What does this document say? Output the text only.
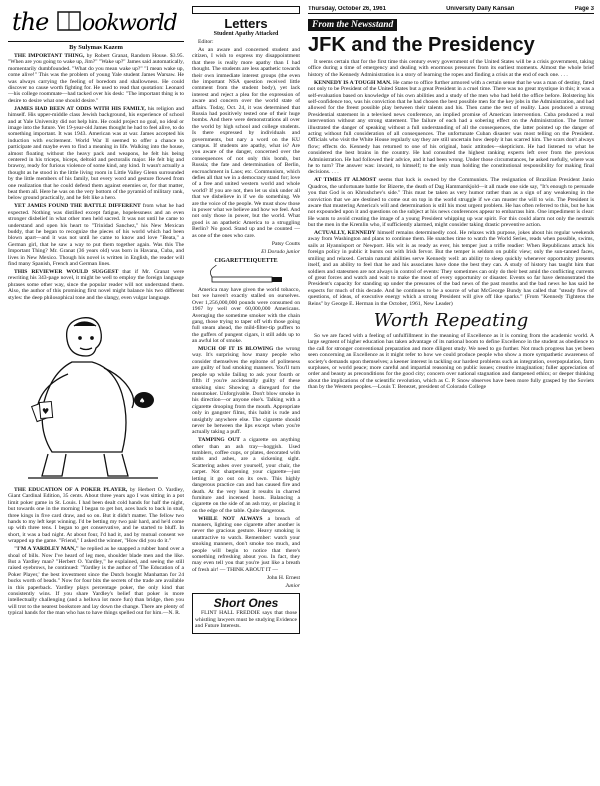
the ook world
By Sulymas Kazem

THE IMPORTANT THING, by Robert Granat, Random House. $3.95. "When are you going to wake up, Jim?" "Wake up?" James said automatically, momentarily dumbfounded. "What do you mean wake up?" "I mean wake up, come alive!" This was the problem of young Yale student James Warsaw. He was always carrying the feeling of boredom and shallowness. He could discover no cause worth fighting for. He used to read that quotation: Leonard—his college roommate—had tacked over his desk: "The important thing is to desire to desire what one should desire."

JAMES HAD BEEN AT ODDS WITH HIS FAMILY, his religion and himself. His upper-middle class Jewish background, his experience of school and at Yale University did not help him. He could project no goal, no ideal or image into the future. Yet 19-year-old James thought he had to feel alive, to do something important. It was 1943. American was at war. James accepted his induction with excitement. World War II seemed to offer a chance to participate and maybe even to find a meaning in life. Walking into the house, almost floating without the heavy pack and weapons, he felt his being centered in his triceps, biceps, deltoid and pectoralis major. He felt big and brawny, ready for furious violence of some kind, any kind. It wasn't actually a thought as he stood in the little living room in Little Valley Glenn surrounded by the little members of his family, but every word and gesture flowed from one realization that he could defend them against enemies or, for that matter, beat them all. Here he was on the very bottom of the pyramid of military rank, below ground practically, and he felt like a hero.

YET JAMES FOUND THE BATTLE DIFFERENT from what he had expected. Nothing was distilled except fatigue, hopelessness and an even stronger disbelief in what other men held sacred. It was not until he came to understand and open his heart to "Trinidad Sanchez," his New Mexican buddy, that he began to recognize the pieces of his world which had been blown apart—and it was not until he came to know and love "Beata," a German girl, that he saw a way to put them together again. Was this The Important Thing? Mr. Granat (36 years old) was born in Havana, Cuba, and lives in New Mexico. Though his novel is written in English, the reader will find many Spanish, French and German lines.

THIS REVIEWER WOULD SUGGEST that if Mr. Granat were rewriting his 343-page novel, it might be well to employ the foreign language phrases some other way, since the popular reader will not understand them. Also, the author of this promising first novel might balance his two different styles: the deep philosophical tone and the slangy, even vulgar language.

♠
♥

THE EDUCATION OF A POKER PLAYER, by Herbert O. Yardley, Giant Cardinal Edition, 35 cents. About three years ago I was sitting in a pot limit poker game in St. Louis. I had been dealt cold hands for half the night, but towards one in the morning I began to get hot, aces back to back in stud, three kings in five card draw, and so on. But it didn't matter. The fellow two hands to my left kept winning. I'd be betting my two pair hard, and he'd come up with three tens. I began to get conservative, and he started to bluff. In short, it was a bad night. At about four, I'd had it, and by mutual consent we wrapped up the game. "Friend," I asked the winner, "How did you do it."

"I'M A YARDLEY MAN," he replied as he snapped a rubber band over a shoal of bills. Now I've heard of leg men, shoulder blade men and the like. But a Yardley man? "Herbert O. Yardley," he explained, and seeing the still raised eyebrows, he continued: "Yardley is the author of 'The Education of a Poker Player,' the best investment since the Dutch bought Manhattan for 24 bucks worth of beads." Now for four bits the secrets of the trade are available in this paperback. Yardley plays percentage poker, the only kind that consistently wins. If you share Yardley's belief that poker is more intellectually challenging (and a helluva lot more fun) than bridge, then you will trot to the nearest bookstore and lay down the change. There are plenty of typical hands for the man who has to have things spelled out for him.—N. R.

Letters
Student Apathy Attacked

Editor:

As an aware and concerned student and citizen, I wish to express my disappointment that there is really more apathy than I had thought. The students are less apathetic towards their own immediate interest groups (the even the important NSA question received little comment from the student body), yet lack interest and reject a plea for the expression of aware and concern over the world state of affairs. Today, Oct. 24, it was determined that Russia had positively tested one of their huge bombs. And there were demonstrations all over the world by high school and college students. Is there expressed by individuals and governments, but nary a word on the KU campus. If students are apathy, what is? Are you aware of the danger, concerned over the consequences of not only this bomb, but Russia; the fate and determination of Berlin, encroachment in Laos; etc. Communism, which defies all that we in a democracy stand for; love of a free and united western world and whole world? If you are not, then let us sink under all that we disbelieve in if we do something. We are the voice of the people. We must show those in power what we believe and how we feel. And not only those in power, but the world. What good is an apathetic America to a struggling Berlin? No good. Stand up and be counted — as one of the ones who care.

Patsy Coutts

El Dorado junior

CIGARETTEIQUETTE

America may have given the world tobacco, but we haven't exactly stalled on ourselves. Over 1,256,000,000 pounds were consumed on 1967 by well over 60,000,000 Americans. Averaging the sometime smoker with the chain gang, those trying to taper off with those going full steam ahead, the mild-filter-tip puffers to the guffers of pungent cigars, it still adds up to an awful lot of smoke.

MUCH OF IT IS BLOWING the wrong way. It's surprising how many people who consider themselves the epitome of politeness are guilty of bad smoking manners. You'll turn people up while failing to ask your fourth or fifth if you're accidentally guilty of these smoking sins: Showing a disregard for the nonsmoker. Unforgivable. Don't blow smoke in his direction—or anyone else's. Talking with a cigarette drooping from the mouth. Appropriate only in gangster films, this habit is rude and unsightly anywhere else. The cigarette should never be between the lips except when you're actually taking a puff.

TAMPING OUT a cigarette on anything other than an ash tray—hoggish. Used tumblers, coffee cups, or plates, decorated with stubs and ashes, are a sickening sight. Scattering ashes over yourself, your chair, the carpet. Not sharpening your cigarette—just letting it go out on its own. This highly dangerous practice can and has caused fire and death. At the very least it results in charred furniture and incensed hosts. Balancing a cigarette on the side of an ash tray, or placing it on the edge of the table. Quite dangerous.

WHILE NOT ALWAYS a breach of manners, lighting one cigarette after another is never the gracious gesture. Heavy smoking is unattractive to watch. Remember: watch your smoking manners, don't smoke too much, and people will begin to notice that there's something refreshing about you. In fact, they may even tell you that you're just like a breath of fresh air! — THINK ABOUT IT —

John H. Ernest

Junior

Short Ones

FLINT HALL FREDDIE says that those whistling lawyers must be studying Evidence and Future Interests.

Thursday, October 26, 1961	University Daily Kansan	Page 3
From the Newsstand
JFK and the Presidency

It seems certain that for the first time this century every government of the United States will be a crisis government, taking office during a time of emergency and dealing with enormous pressures from its earliest moments. Almost the whole brief history of the Kennedy Administration is a story of learning the ropes and finding a crisis at the end of each one. . . .

KENNEDY IS A TOUGH MAN. He came to office further armored with a certain sense that he was a man of destiny, fated not only to be President of the United States but a great President in a cruel time. There was no great mystique in this; it was a self-evaluation based on knowledge of his own abilities and a study of the men who had held the office before. Bolstering his self-confidence too, was his conviction that he had chosen the best possible men for the key jobs in the Administration, and had allowed for the freest possible play between their talents and his. Then came the test of reality. Laos produced a strong Presidential statement in a televised news conference, an implied promise of American intervention. Cuba produced a real intervention without any strong statement. The failure of each had a sobering effect on the Administration. The former illustrated the danger of speaking without a full understanding of all the consequences, the latter pointed up the danger of acting without full consideration of all consequences. The unfortunate Cuban disaster was most telling on the President. Officials who visit the White House regularly say they are still uncertain how deeply it has scarred him. The scars don't always flow; effects do. Kennedy has returned to one of his original, basic attitudes—skepticism. He had listened to what he considered the best brains in the country. He had consulted the highest ranking experts left over from the previous Administration. He had followed their advice, and it had been wrong. Under those circumstances, he asked ruefully, where was he to turn? The answer was: inward, to himself; to the only man holding the constitutional responsibility for making final decisions. . . .

AT TIMES IT ALMOST seems that luck is owned by the Communists. The resignation of Brazilian President Janio Quadros, the unfortunate battle for Bizerte, the death of Dag Hammarskjold—it all made one side say, "It's enough to persuade you that God is on Khrushchev's side." This must be taken as very humor rather than as a sign of any weakening in the conviction that we are destined to come out on top in the world struggle if we can muster the will to win. The President is aware that mustering America's will and determination is still his most urgent problem. He has often referred to this, but he has not expounded upon it and questions on the subject at his news conferences appear to embarrass him. One impediment is clear: He wants to avoid creating the image of a young President whipping up war spirit. For this could alarm not only the neutrals but the men in the Kremlin who, if sufficiently alarmed, might consider taking drastic preventive action.

ACTUALLY, KENNEDY himself remains determinedly cool. He relaxes with purpose, jokes about his regular weekends away from Washington and plans to continue them. He snatches time to watch the World Series, reads when possible, swims, sails at Hyannisport or Newport. His wit is as ready as ever, his temper just a trifle readier: When Republicans attack his foreign policy in public it bursts out with Irish fervor. But the temper is seldom on public view; only the sun-tanned faces, smiling and relaxed. Certain natural abilities serve Kennedy well: an ability to sleep quickly whenever opportunity presents itself, and an ability to feel that he and his associates have done the best they can. A study of history has taught him that soldiers and statesmen are not always in control of events: They sometimes can only do their best amid the conflicting currents of great forces and watch and wait to make the most of every opportunity or disaster. Events so far have demonstrated the President's capacity for standing up under the pressures of the bad news of the past months and the bad news he has said he expects for much of this decade. And he continues to be a source of what McGeorge Bundy has called that "steady flow of questions, of ideas, of executive energy which a strong President will give off like sparks." (From "Kennedy Tightens the Reins" by George E. Herman in the October, 1961, New Leader)

Worth Repeating

So we are faced with a feeling of unfulfillment in the meaning of Excellence as it is coming from the academic world. A large segment of higher education has taken advantage of its national boom to define Excellence in the student as obedience to the call for stronger conventional preparation and more diligent study. We need to go further. Not much progress has yet been seen concerning an Excellence as it might refer to how we could produce people who show a more sympathetic awareness of society's demands upon themselves; a keener interest in tackling our hardest problems such as integration, overpopulation, farm surpluses, or world peace; more careful and impartial reasoning on public issues; creative imagination; fuller appreciation of order and beauty as preconditions for the good city; concern over national stagnation and dampened ethics; or deeper thinking about the implications of the scientific revolution, which as C. P. Snow observes have been more fully grasped by the Soviets than by the Western peoples.—Louis T. Benezet, president of Colorado College
